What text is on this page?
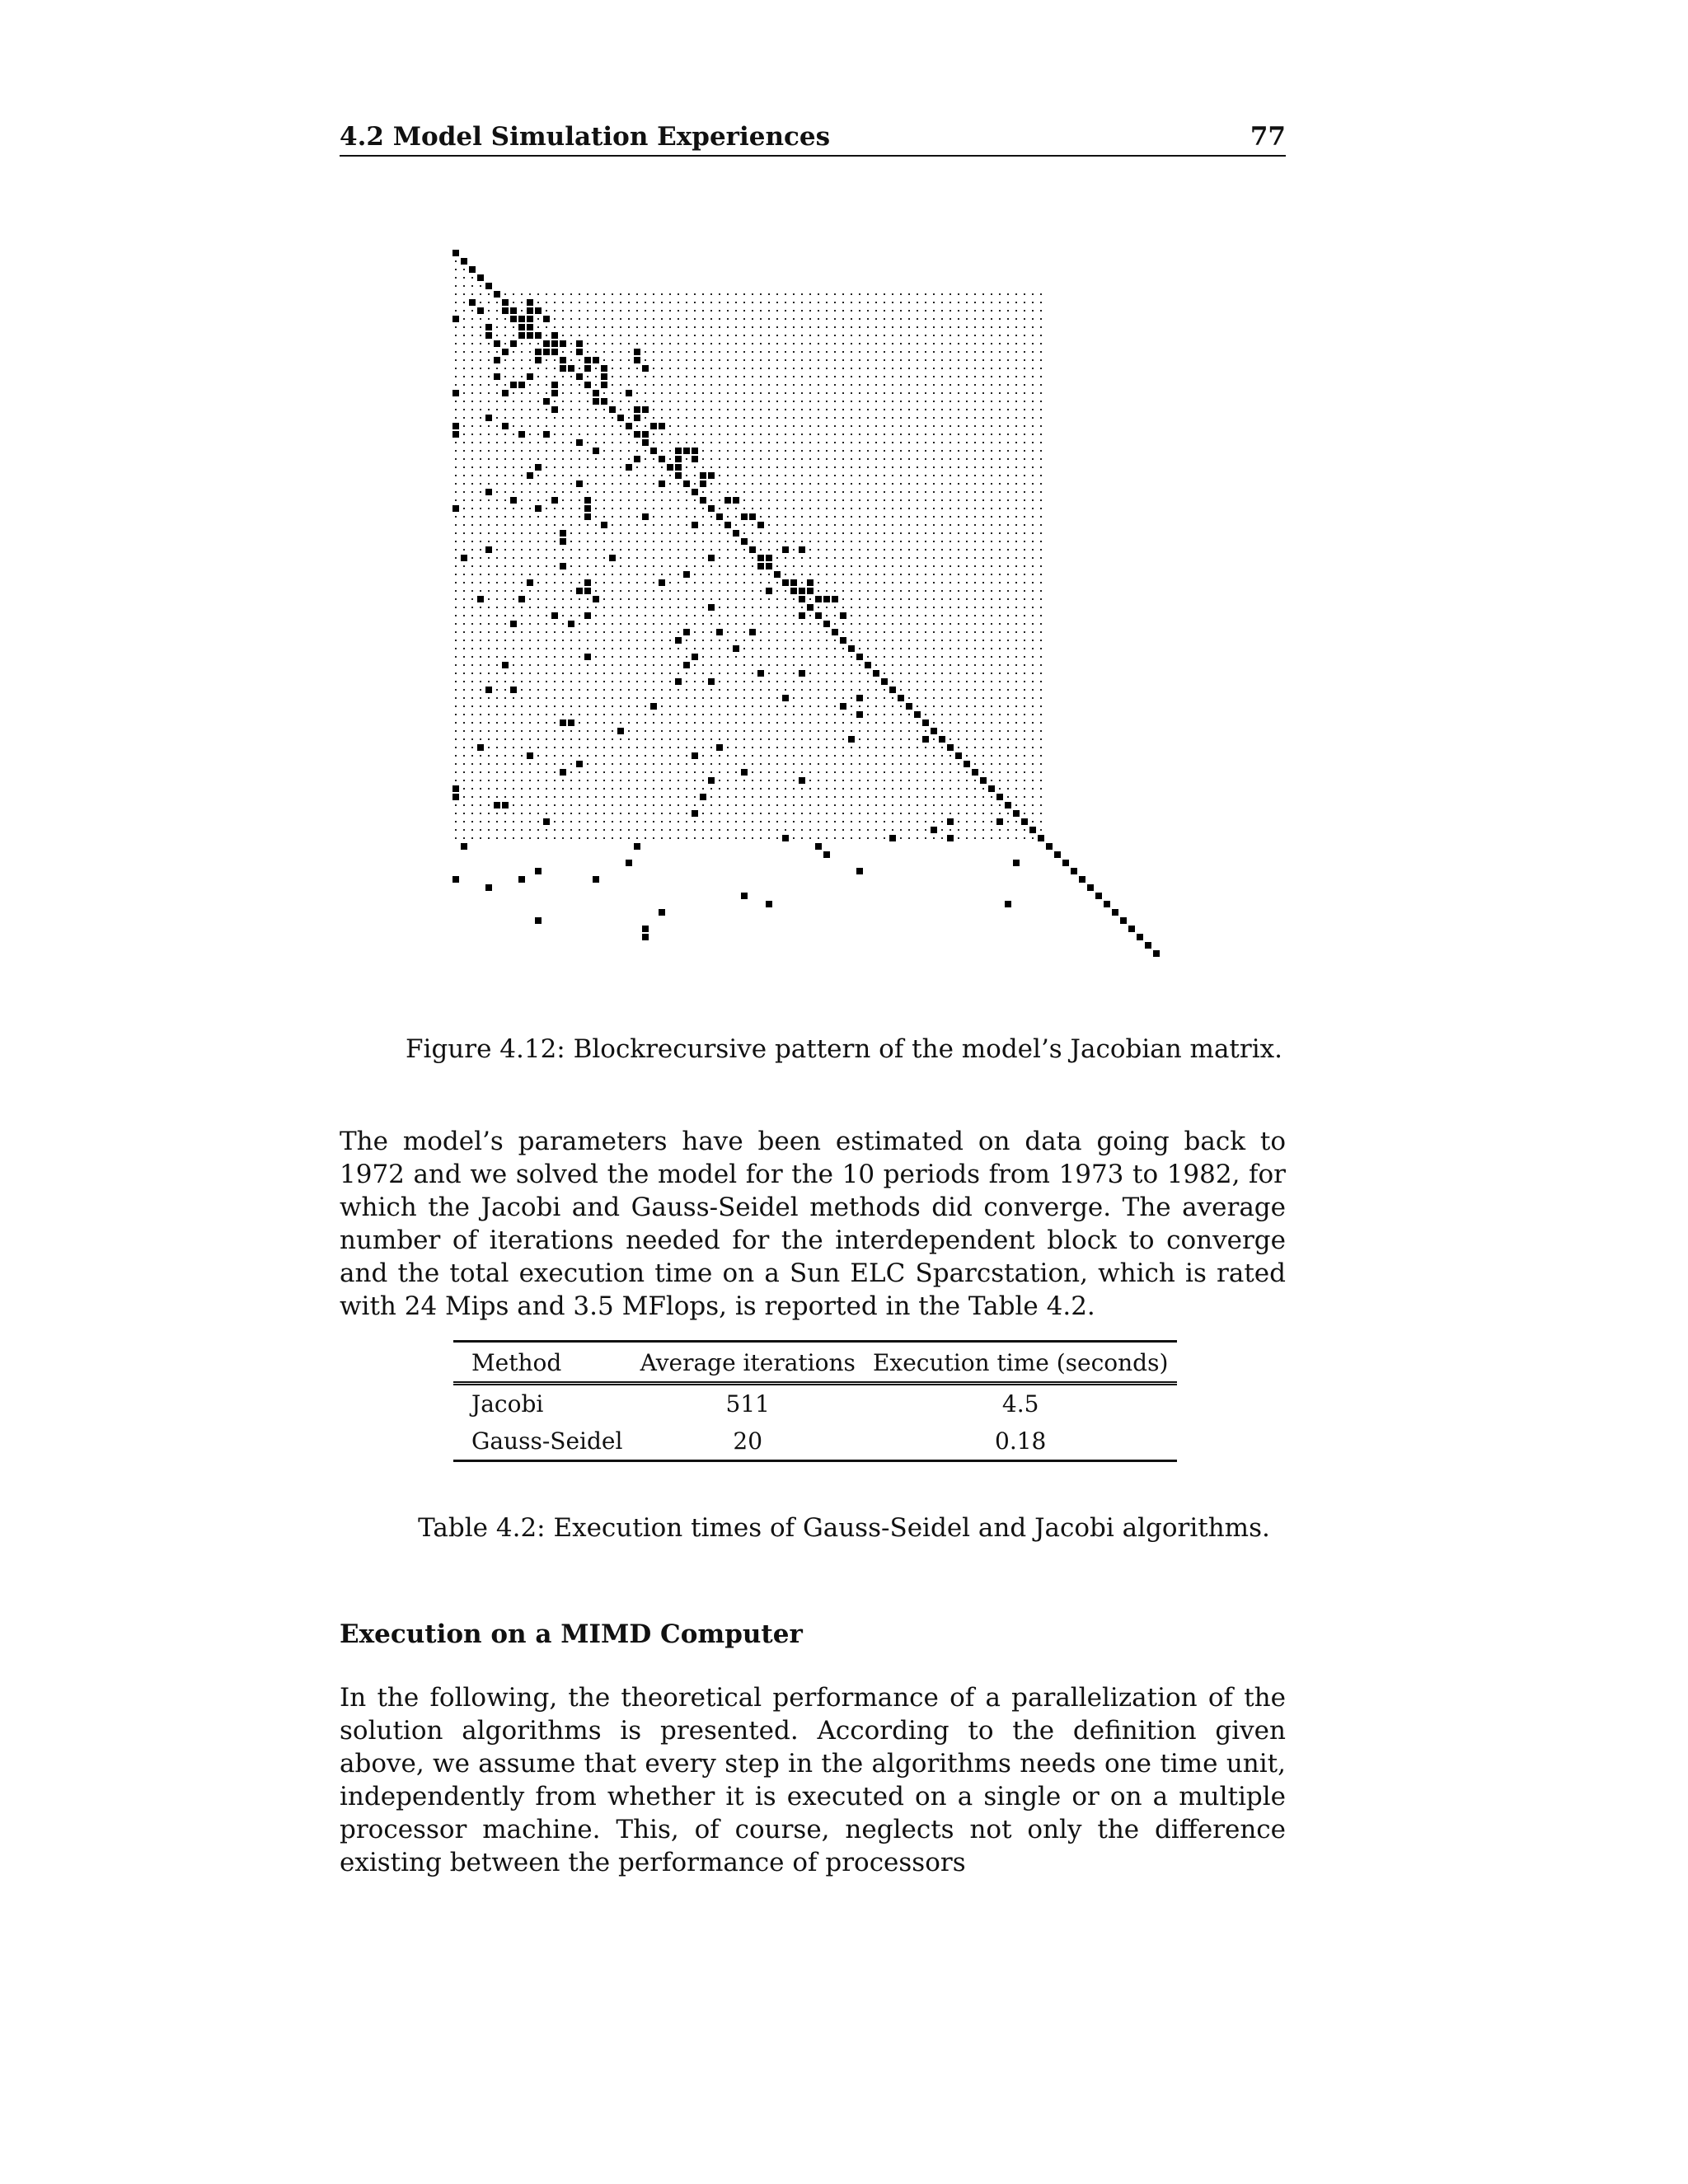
4.2 Model Simulation Experiences	77
Figure 4.12: Blockrecursive pattern of the model’s Jacobian matrix.

The model’s parameters have been estimated on data going back to 1972 and we solved the model for the 10 periods from 1973 to 1982, for which the Jacobi and Gauss-Seidel methods did converge. The average number of iterations needed for the interdependent block to converge and the total execution time on a Sun ELC Sparcstation, which is rated with 24 Mips and 3.5 MFlops, is reported in the Table 4.2.

Method	Average iterations	Execution time (seconds)
Jacobi	511	4.5
Gauss-Seidel	20	0.18
Table 4.2: Execution times of Gauss-Seidel and Jacobi algorithms.
Execution on a MIMD Computer

In the following, the theoretical performance of a parallelization of the solution algorithms is presented. According to the definition given above, we assume that every step in the algorithms needs one time unit, independently from whether it is executed on a single or on a multiple processor machine. This, of course, neglects not only the difference existing between the performance of processors
